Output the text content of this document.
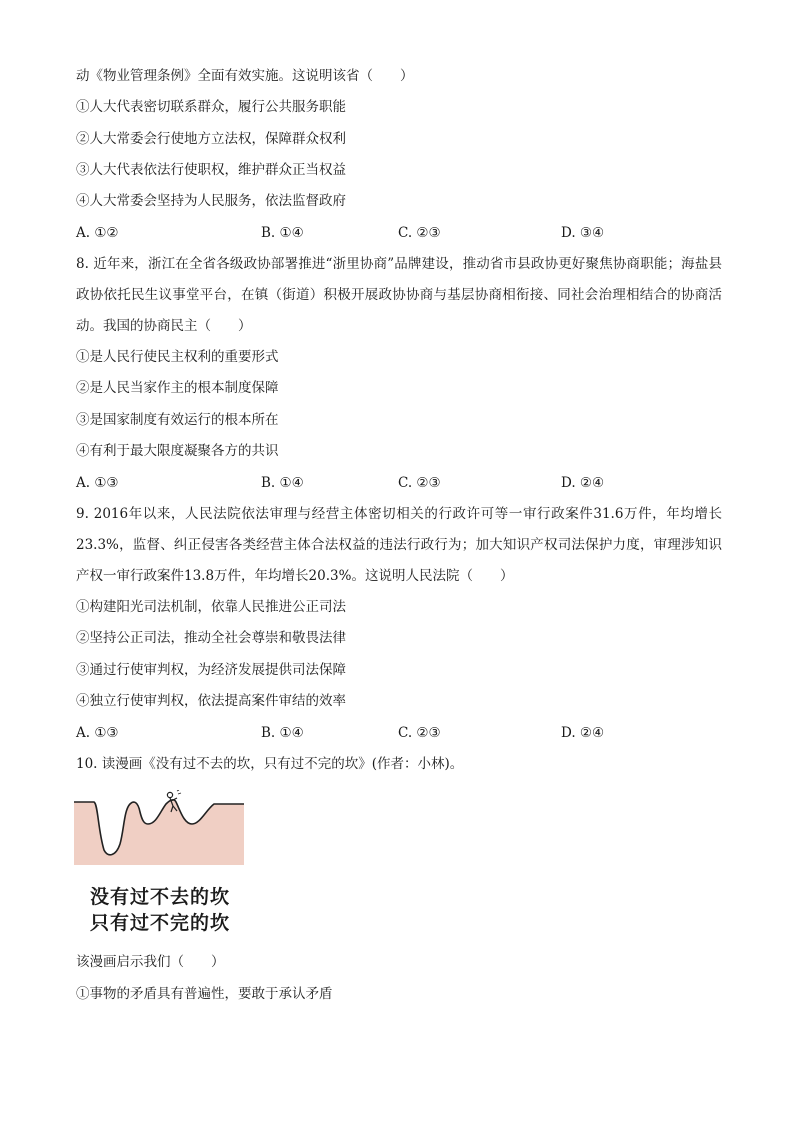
动《物业管理条例》全面有效实施。这说明该省（　　）
①人大代表密切联系群众，履行公共服务职能
②人大常委会行使地方立法权，保障群众权利
③人大代表依法行使职权，维护群众正当权益
④人大常委会坚持为人民服务，依法监督政府
A. ①②	B. ①④	C. ②③	D. ③④
8. 近年来，浙江在全省各级政协部署推进“浙里协商”品牌建设，推动省市县政协更好聚焦协商职能；海盐县政协依托民生议事堂平台，在镇（街道）积极开展政协协商与基层协商相衔接、同社会治理相结合的协商活动。我国的协商民主（　　）
①是人民行使民主权利的重要形式
②是人民当家作主的根本制度保障
③是国家制度有效运行的根本所在
④有利于最大限度凝聚各方的共识
A. ①③	B. ①④	C. ②③	D. ②④
9. 2016年以来，人民法院依法审理与经营主体密切相关的行政许可等一审行政案件31.6万件，年均增长23.3%，监督、纠正侵害各类经营主体合法权益的违法行政行为；加大知识产权司法保护力度，审理涉知识产权一审行政案件13.8万件，年均增长20.3%。这说明人民法院（　　）
①构建阳光司法机制，依靠人民推进公正司法
②坚持公正司法，推动全社会尊崇和敬畏法律
③通过行使审判权，为经济发展提供司法保障
④独立行使审判权，依法提高案件审结的效率
A. ①③	B. ①④	C. ②③	D. ②④
10. 读漫画《没有过不去的坎，只有过不完的坎》(作者：小林)。
没有过不去的坎
只有过不完的坎
该漫画启示我们（　　）
①事物的矛盾具有普遍性，要敢于承认矛盾
